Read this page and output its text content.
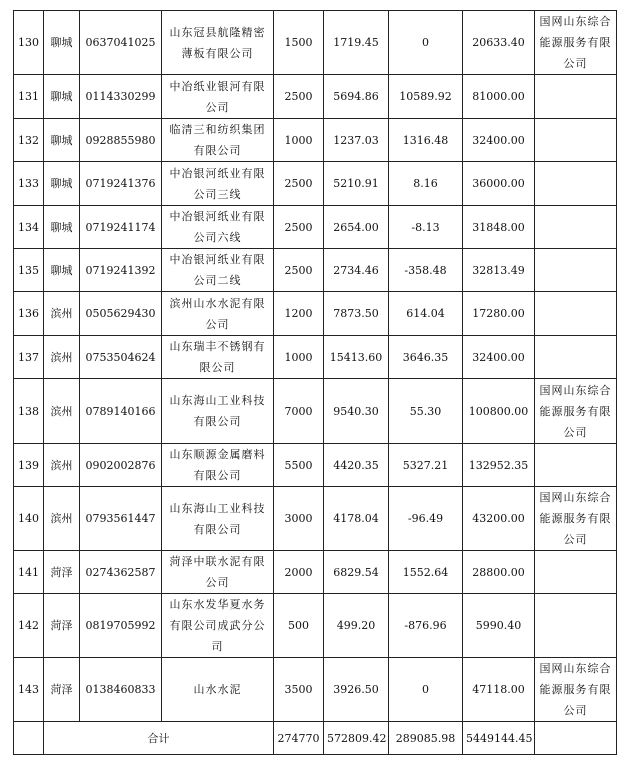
130	聊城	0637041025	山东冠县航隆精密薄板有限公司	1500	1719.45	0	20633.40	国网山东综合能源服务有限公司
131	聊城	0114330299	中冶纸业银河有限公司	2500	5694.86	10589.92	81000.00	
132	聊城	0928855980	临清三和纺织集团有限公司	1000	1237.03	1316.48	32400.00	
133	聊城	0719241376	中冶银河纸业有限公司三线	2500	5210.91	8.16	36000.00	
134	聊城	0719241174	中冶银河纸业有限公司六线	2500	2654.00	-8.13	31848.00	
135	聊城	0719241392	中冶银河纸业有限公司二线	2500	2734.46	-358.48	32813.49	
136	滨州	0505629430	滨州山水水泥有限公司	1200	7873.50	614.04	17280.00	
137	滨州	0753504624	山东瑞丰不锈钢有限公司	1000	15413.60	3646.35	32400.00	
138	滨州	0789140166	山东海山工业科技有限公司	7000	9540.30	55.30	100800.00	国网山东综合能源服务有限公司
139	滨州	0902002876	山东顺源金属磨料有限公司	5500	4420.35	5327.21	132952.35	
140	滨州	0793561447	山东海山工业科技有限公司	3000	4178.04	-96.49	43200.00	国网山东综合能源服务有限公司
141	菏泽	0274362587	菏泽中联水泥有限公司	2000	6829.54	1552.64	28800.00	
142	菏泽	0819705992	山东水发华夏水务有限公司成武分公司	500	499.20	-876.96	5990.40	
143	菏泽	0138460833	山水水泥	3500	3926.50	0	47118.00	国网山东综合能源服务有限公司
	合计			274770	572809.42	289085.98	5449144.45	
